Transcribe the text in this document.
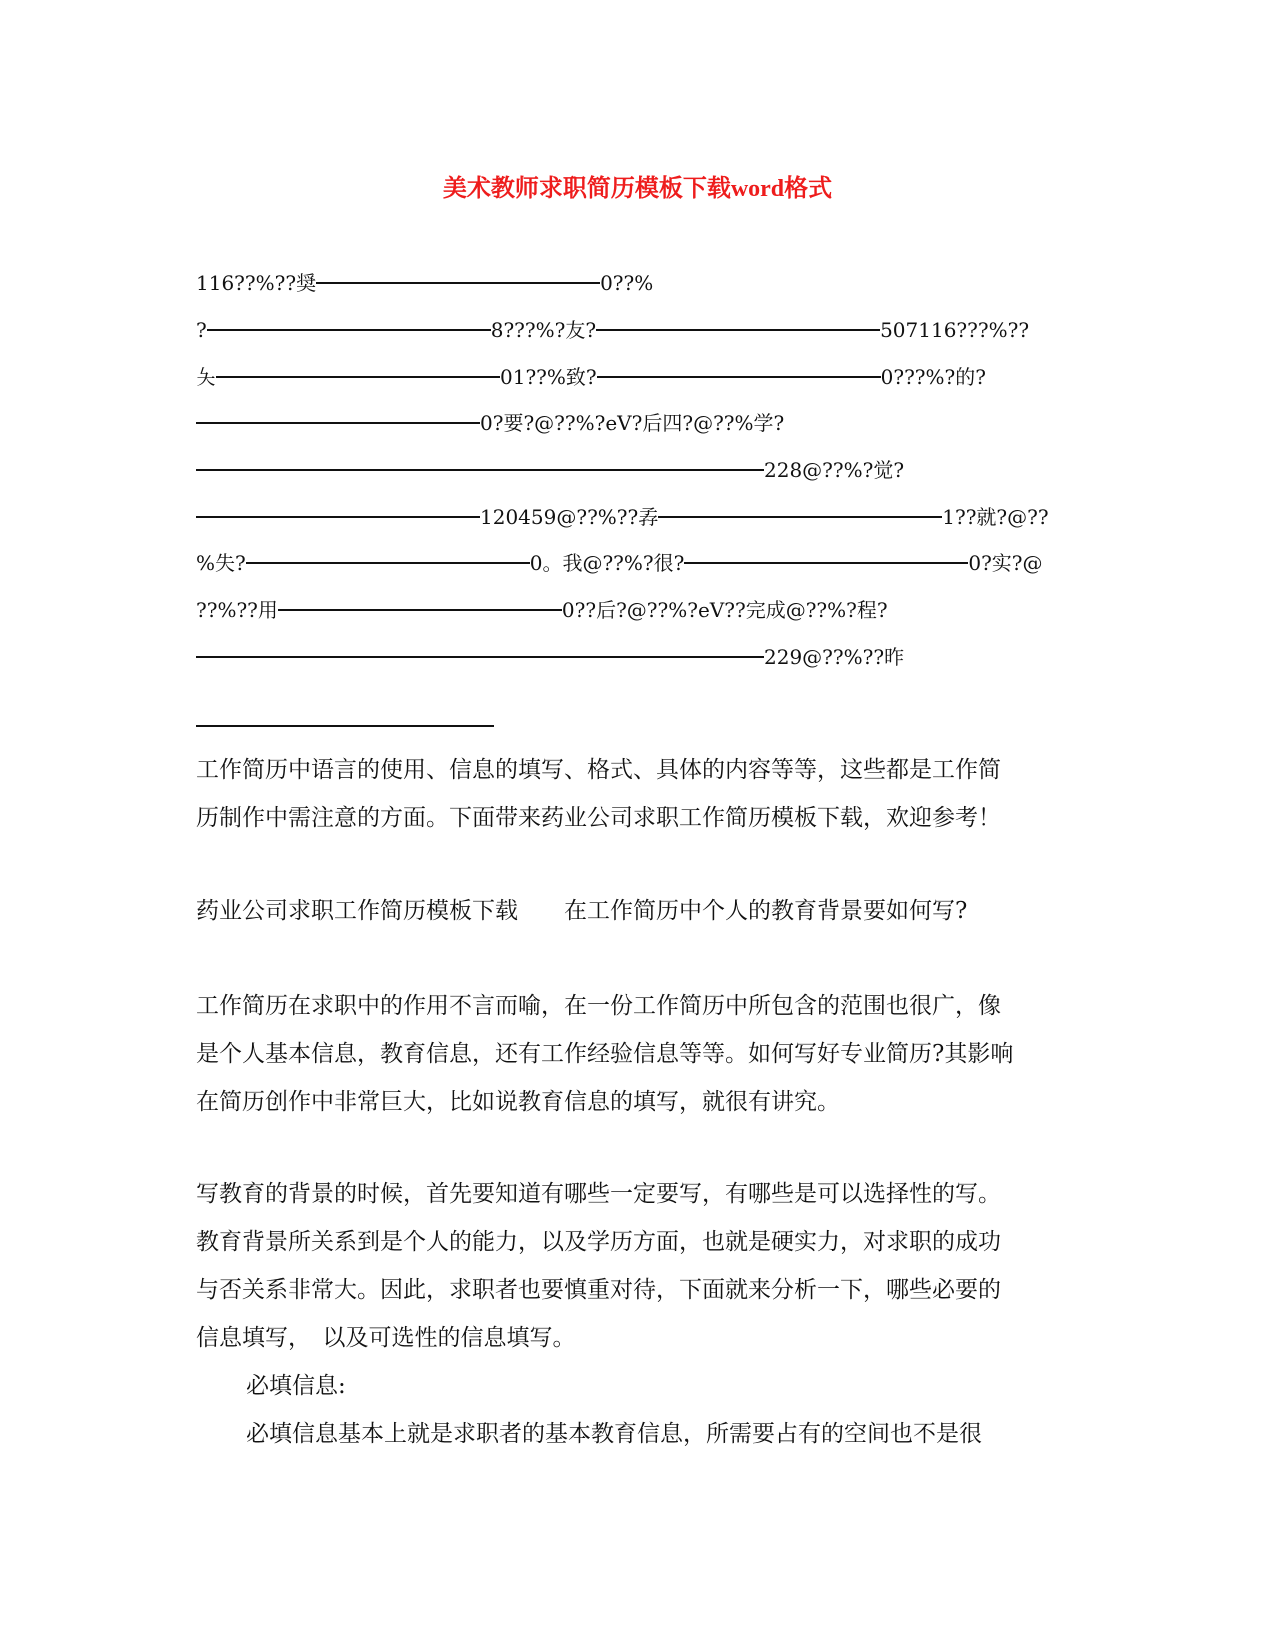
美术教师求职简历模板下载word格式
116??%??奨	0??%
?	8???%?友?	507116???%??
夨	01??%致?	0???%?的?
0?要?@??%?eV?后四?@??%学?
228@??%?觉?
120459@??%??孨	1??就?@??
%失?	0。我@??%?很?	0?实?@
??%??用	0??后?@??%?eV??完成@??%?程?
229@??%??昨
工作简历中语言的使用、信息的填写、格式、具体的内容等等，这些都是工作简
历制作中需注意的方面。下面带来药业公司求职工作简历模板下载，欢迎参考！
药业公司求职工作简历模板下载　　在工作简历中个人的教育背景要如何写?
工作简历在求职中的作用不言而喻，在一份工作简历中所包含的范围也很广，像
是个人基本信息，教育信息，还有工作经验信息等等。如何写好专业简历?其影响
在简历创作中非常巨大，比如说教育信息的填写，就很有讲究。
写教育的背景的时候，首先要知道有哪些一定要写，有哪些是可以选择性的写。
教育背景所关系到是个人的能力，以及学历方面，也就是硬实力，对求职的成功
与否关系非常大。因此，求职者也要慎重对待，下面就来分析一下，哪些必要的
信息填写，　以及可选性的信息填写。
必填信息:
必填信息基本上就是求职者的基本教育信息，所需要占有的空间也不是很
